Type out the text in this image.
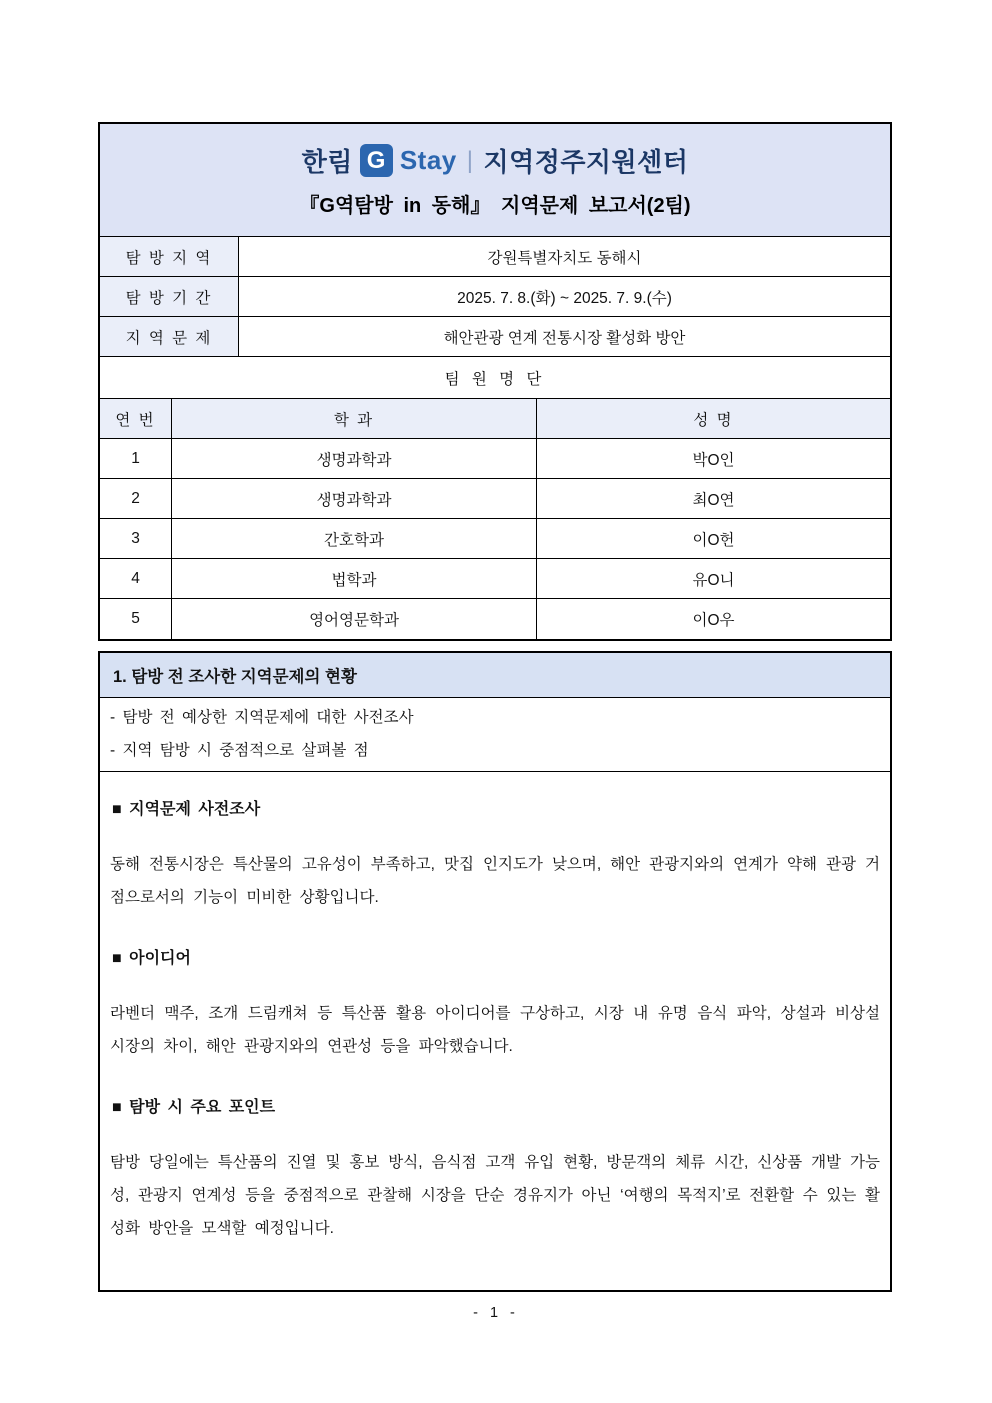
한림 G Stay | 지역정주지원센터
『G역탐방 in 동해』 지역문제 보고서(2팀)
탐 방 지 역	강원특별자치도 동해시
탐 방 기 간	2025. 7. 8.(화) ~ 2025. 7. 9.(수)
지 역 문 제	해안관광 연계 전통시장 활성화 방안
팀 원 명 단
연 번	학 과	성 명
1	생명과학과	박O인
2	생명과학과	최O연
3	간호학과	이O헌
4	법학과	유O니
5	영어영문학과	이O우
1. 탐방 전 조사한 지역문제의 현황
- 탐방 전 예상한 지역문제에 대한 사전조사
- 지역 탐방 시 중점적으로 살펴볼 점
■ 지역문제 사전조사
동해 전통시장은 특산물의 고유성이 부족하고, 맛집 인지도가 낮으며, 해안 관광지와의 연계가 약해 관광 거점으로서의 기능이 미비한 상황입니다.
■ 아이디어
라벤더 맥주, 조개 드림캐쳐 등 특산품 활용 아이디어를 구상하고, 시장 내 유명 음식 파악, 상설과 비상설 시장의 차이, 해안 관광지와의 연관성 등을 파악했습니다.
■ 탐방 시 주요 포인트
탐방 당일에는 특산품의 진열 및 홍보 방식, 음식점 고객 유입 현황, 방문객의 체류 시간, 신상품 개발 가능성, 관광지 연계성 등을 중점적으로 관찰해 시장을 단순 경유지가 아닌 ‘여행의 목적지’로 전환할 수 있는 활성화 방안을 모색할 예정입니다.
- 1 -
